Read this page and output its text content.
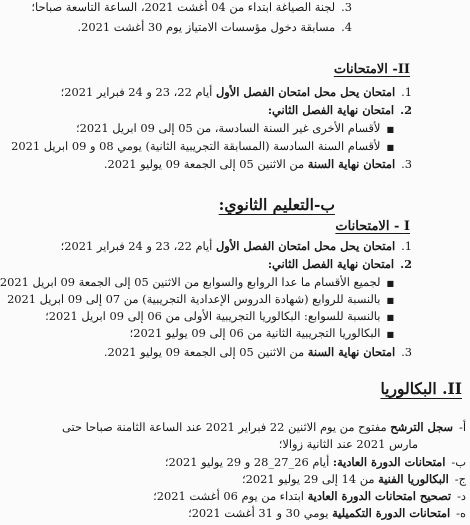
3.لجنة الصياغة ابتداء من 04 أغشت 2021، الساعة التاسعة صباحا؛
4.مسابقة دخول مؤسسات الامتياز يوم 30 أغشت 2021.
II- الامتحانات
1.امتحان يحل محل امتحان الفصل الأول أيام 22، 23 و 24 فبراير 2021؛
2.امتحان نهاية الفصل الثاني:
■لأقسام الأخرى غير السنة السادسة، من 05 إلى 09 ابريل 2021؛
■لأقسام السنة السادسة (المسابقة التجريبية الثانية) يومي 08 و 09 ابريل 2021
3.امتحان نهاية السنة من الاثنين 05 إلى الجمعة 09 يوليو 2021.
ب-التعليم الثانوي:
I - الامتحانات
1.امتحان يحل محل امتحان الفصل الأول أيام 22، 23 و 24 فبراير 2021؛
2.امتحان نهاية الفصل الثاني:
■لجميع الأقسام ما عدا الروابع والسوابع من الاثنين 05 إلى الجمعة 09 ابريل 2021
■بالنسبة للروابع (شهادة الدروس الإعدادية التجريبية) من 07 إلى 09 ابريل 2021
■بالنسبة للسوابع: البكالوريا التجريبية الأولى من 06 إلى 09 ابريل 2021؛
■البكالوريا التجريبية الثانية من 06 إلى 09 يوليو 2021؛
3.امتحان نهاية السنة من الاثنين 05 إلى الجمعة 09 يوليو 2021.
II. البكالوريا
أ-سجل الترشح مفتوح من يوم الاثنين 22 فبراير 2021 عند الساعة الثامنة صباحا حتى
مارس 2021 عند الثانية زوالا؛
ب-امتحانات الدورة العادية: أيام 26_27_28 و 29 يوليو 2021؛
ج-البكالوريا الفنية من 14 إلى 29 يوليو 2021؛
د-تصحيح امتحانات الدورة العادية ابتداء من يوم 06 أغشت 2021؛
ه-امتحانات الدورة التكميلية يومي 30 و 31 أغشت 2021؛
